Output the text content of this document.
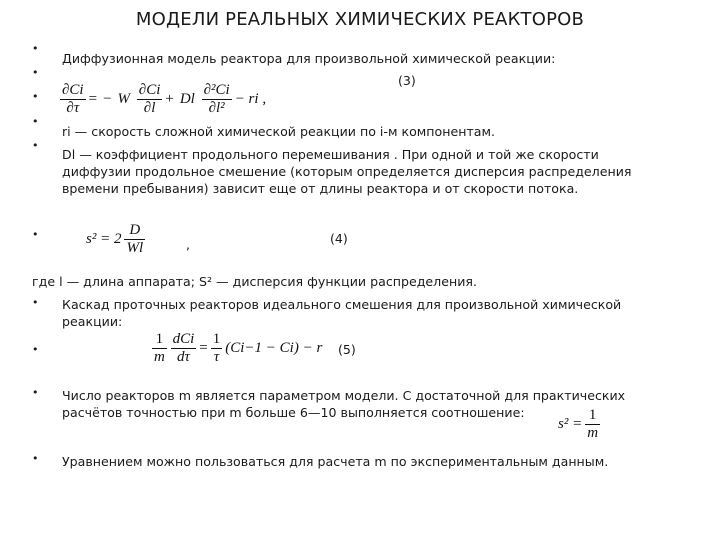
МОДЕЛИ РЕАЛЬНЫХ ХИМИЧЕСКИХ РЕАКТОРОВ
•
•
•
•
•
Диффузионная модель реактора для произвольной химической реакции:
(3)
$\frac{\partial Ci}{\partial\tau}$ = − W $\frac{\partial Ci}{\partial l} + Dl \frac{\text{∂²Ci}}{\text{∂l²}}$ − ri ,
ri — скорость сложной химической реакции по i-м компонентам.
Dl — коэффициент продольного перемешивания . При одной и той же скорости диффузии продольное смешение (которым определяется дисперсия распределения времени пребывания) зависит еще от длины реактора и от скорости потока.
•	$s^2 = 2 \frac{D}{Wl}$	,	(4)
где l — длина аппарата; S² — дисперсия функции распределения.
• Каскад проточных реакторов идеального смешения для произвольной химической реакции:
•	$\frac{1}{m}$
$\frac{\text{dCi}}{d\tau} = \frac{1}{\tau} (Ci-1 - Ci) - r$ (5)
• Число реакторов m является параметром модели. С достаточной для практических расчётов точностью при m больше 6—10 выполняется соотношение:
$s^2 = \frac{1}{m}$
• Уравнением можно пользоваться для расчета m по экспериментальным данным.
